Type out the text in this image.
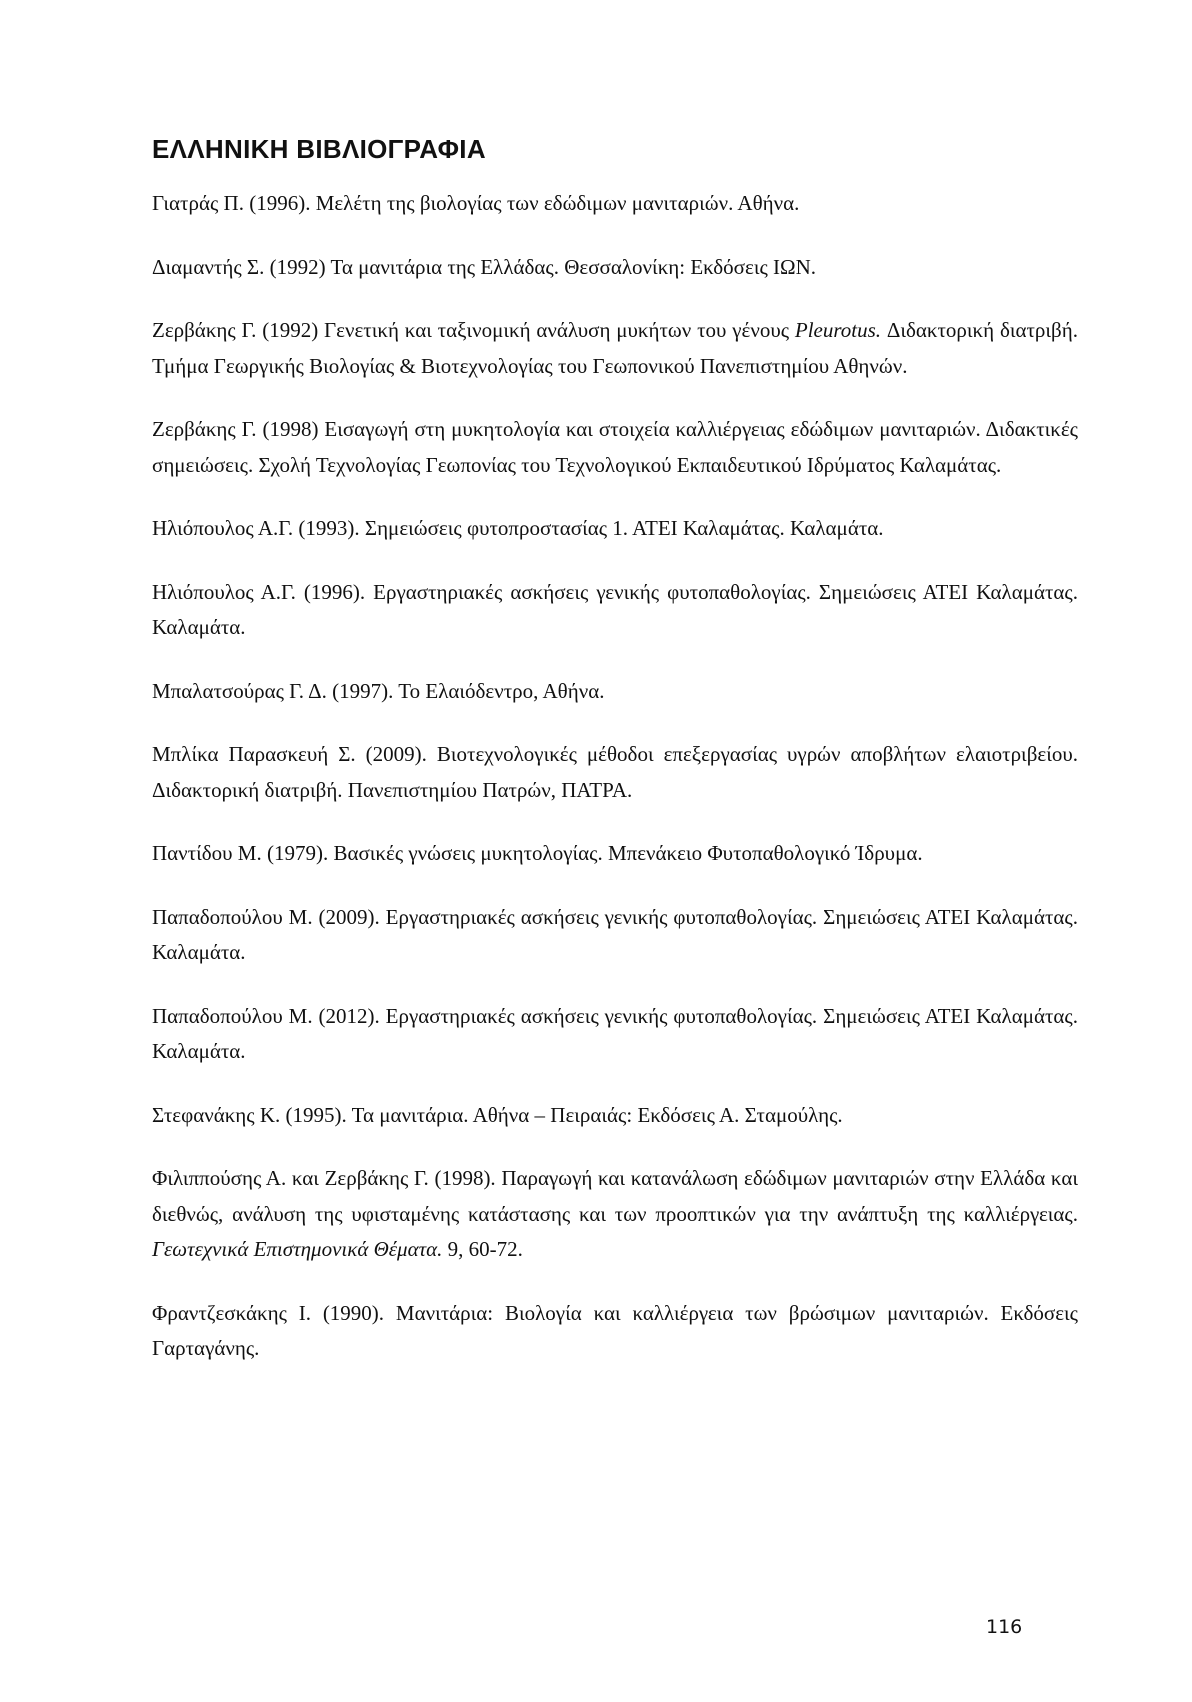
ΕΛΛΗΝΙΚΗ ΒΙΒΛΙΟΓΡΑΦΙΑ
Γιατράς Π. (1996). Μελέτη της βιολογίας των εδώδιμων μανιταριών. Αθήνα.
Διαμαντής Σ. (1992) Τα μανιτάρια της Ελλάδας. Θεσσαλονίκη: Εκδόσεις ΙΩΝ.
Ζερβάκης Γ. (1992) Γενετική και ταξινομική ανάλυση μυκήτων του γένους Pleurotus. Διδακτορική διατριβή. Τμήμα Γεωργικής Βιολογίας & Βιοτεχνολογίας του Γεωπονικού Πανεπιστημίου Αθηνών.
Ζερβάκης Γ. (1998) Εισαγωγή στη μυκητολογία και στοιχεία καλλιέργειας εδώδιμων μανιταριών. Διδακτικές σημειώσεις. Σχολή Τεχνολογίας Γεωπονίας του Τεχνολογικού Εκπαιδευτικού Ιδρύματος Καλαμάτας.
Ηλιόπουλος Α.Γ. (1993). Σημειώσεις φυτοπροστασίας 1. ΑΤΕΙ Καλαμάτας. Καλαμάτα.
Ηλιόπουλος Α.Γ. (1996). Εργαστηριακές ασκήσεις γενικής φυτοπαθολογίας. Σημειώσεις ΑΤΕΙ Καλαμάτας. Καλαμάτα.
Μπαλατσούρας Γ. Δ. (1997). Το Ελαιόδεντρο, Αθήνα.
Μπλίκα Παρασκευή Σ. (2009). Βιοτεχνολογικές μέθοδοι επεξεργασίας υγρών αποβλήτων ελαιοτριβείου. Διδακτορική διατριβή. Πανεπιστημίου Πατρών, ΠΑΤΡΑ.
Παντίδου Μ. (1979). Βασικές γνώσεις μυκητολογίας. Μπενάκειο Φυτοπαθολογικό Ίδρυμα.
Παπαδοπούλου Μ. (2009). Εργαστηριακές ασκήσεις γενικής φυτοπαθολογίας. Σημειώσεις ΑΤΕΙ Καλαμάτας. Καλαμάτα.
Παπαδοπούλου Μ. (2012). Εργαστηριακές ασκήσεις γενικής φυτοπαθολογίας. Σημειώσεις ΑΤΕΙ Καλαμάτας. Καλαμάτα.
Στεφανάκης Κ. (1995). Τα μανιτάρια. Αθήνα – Πειραιάς: Εκδόσεις Α. Σταμούλης.
Φιλιππούσης Α. και Ζερβάκης Γ. (1998). Παραγωγή και κατανάλωση εδώδιμων μανιταριών στην Ελλάδα και διεθνώς, ανάλυση της υφισταμένης κατάστασης και των προοπτικών για την ανάπτυξη της καλλιέργειας. Γεωτεχνικά Επιστημονικά Θέματα. 9, 60-72.
Φραντζεσκάκης Ι. (1990). Μανιτάρια: Βιολογία και καλλιέργεια των βρώσιμων μανιταριών. Εκδόσεις Γαρταγάνης.
116
